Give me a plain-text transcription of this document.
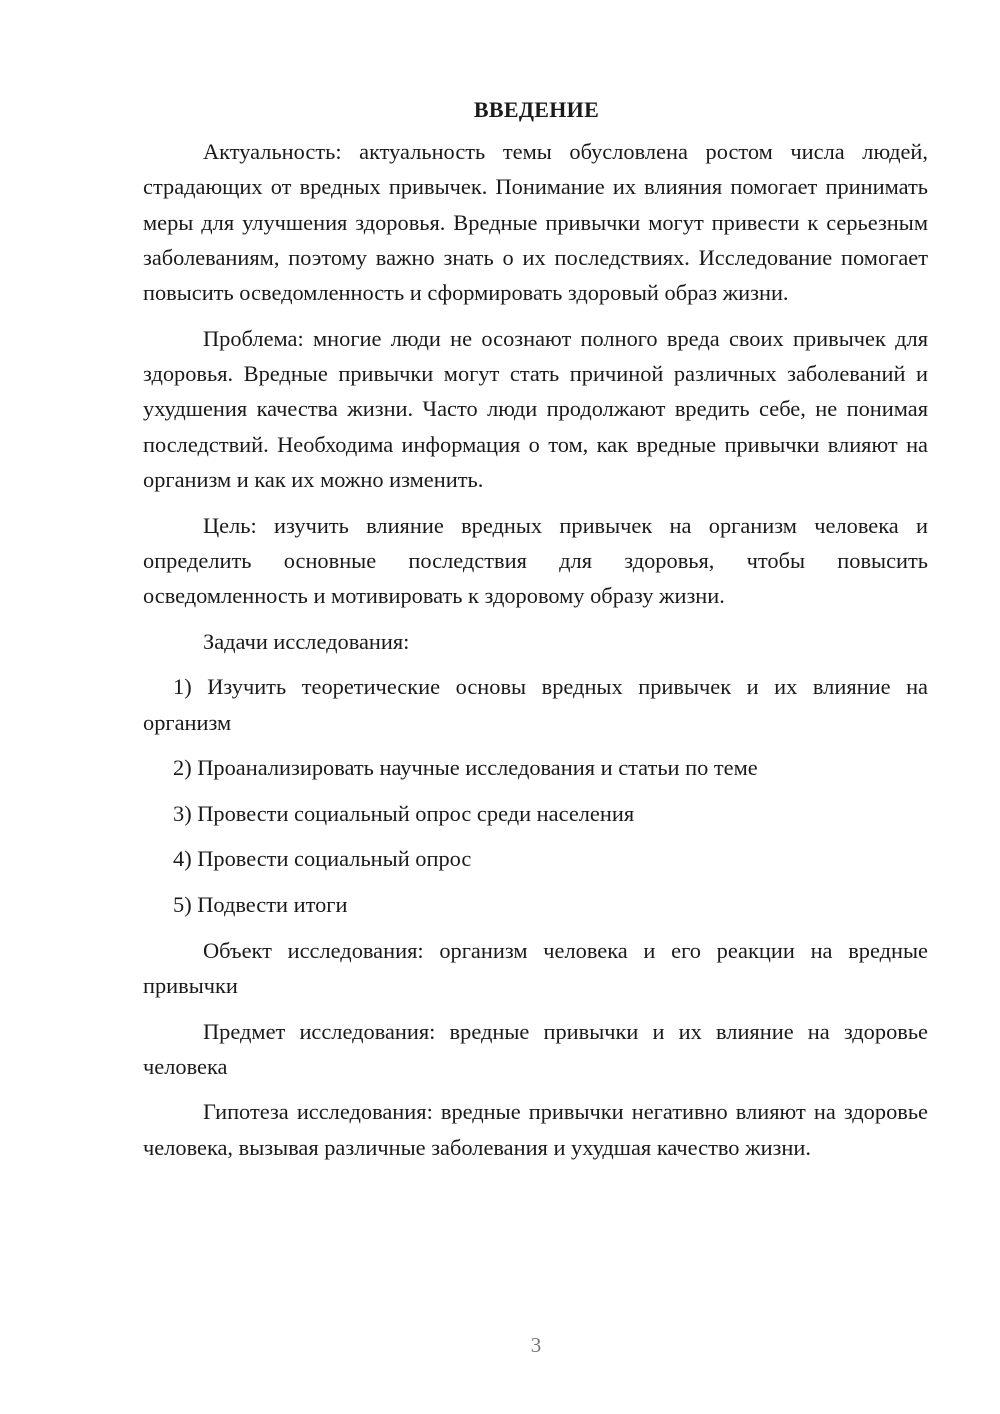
ВВЕДЕНИЕ

Актуальность: актуальность темы обусловлена ростом числа людей, страдающих от вредных привычек. Понимание их влияния помогает принимать меры для улучшения здоровья. Вредные привычки могут привести к серьезным заболеваниям, поэтому важно знать о их последствиях. Исследование помогает повысить осведомленность и сформировать здоровый образ жизни.

Проблема: многие люди не осознают полного вреда своих привычек для здоровья. Вредные привычки могут стать причиной различных заболеваний и ухудшения качества жизни. Часто люди продолжают вредить себе, не понимая последствий. Необходима информация о том, как вредные привычки влияют на организм и как их можно изменить.

Цель: изучить влияние вредных привычек на организм человека и определить основные последствия для здоровья, чтобы повысить осведомленность и мотивировать к здоровому образу жизни.

Задачи исследования:

1) Изучить теоретические основы вредных привычек и их влияние на организм

2) Проанализировать научные исследования и статьи по теме

3) Провести социальный опрос среди населения

4) Провести социальный опрос

5) Подвести итоги

Объект исследования: организм человека и его реакции на вредные привычки

Предмет исследования: вредные привычки и их влияние на здоровье человека

Гипотеза исследования: вредные привычки негативно влияют на здоровье человека, вызывая различные заболевания и ухудшая качество жизни.

3
